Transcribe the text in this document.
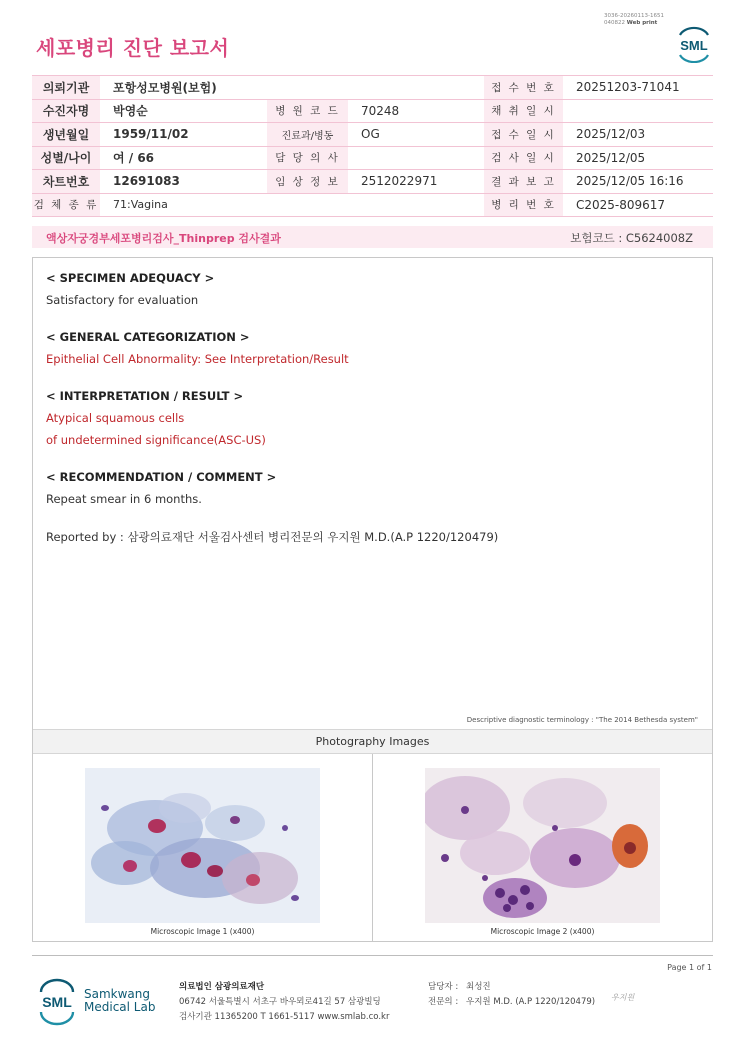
3036-20260113-1651
040822 Web print
세포병리 진단 보고서	SML
의뢰기관	포항성모병원(보험)			접 수 번 호	20251203-71041
수진자명	박영순	병 원 코 드	70248	채 취 일 시	
생년월일	1959/11/02	진료과/병동	OG	접 수 일 시	2025/12/03
성별/나이	여 / 66	담 당 의 사		검 사 일 시	2025/12/05
차트번호	12691083	임 상 정 보	2512022971	결 과 보 고	2025/12/05 16:16
검 체 종 류	71:Vagina			병 리 번 호	C2025-809617
액상자궁경부세포병리검사_Thinprep 검사결과	보험코드 : C5624008Z
< SPECIMEN ADEQUACY >
Satisfactory for evaluation
< GENERAL CATEGORIZATION >
Epithelial Cell Abnormality: See Interpretation/Result
< INTERPRETATION / RESULT >
Atypical squamous cells
of undetermined significance(ASC-US)
< RECOMMENDATION / COMMENT >
Repeat smear in 6 months.
Reported by : 삼광의료재단 서울검사센터 병리전문의 우지원 M.D.(A.P 1220/120479)
Descriptive diagnostic terminology : "The 2014 Bethesda system"
Photography Images
Microscopic Image 1 (x400)	Microscopic Image 2 (x400)
Page 1 of 1
SML Samkwang
Medical Lab
의료법인 삼광의료재단
06742 서울특별시 서초구 바우뫼로41길 57 삼광빌딩
검사기관 11365200 T 1661-5117 www.smlab.co.kr
담당자 : 최성진
전문의 : 우지원 M.D. (A.P 1220/120479) 우지원
